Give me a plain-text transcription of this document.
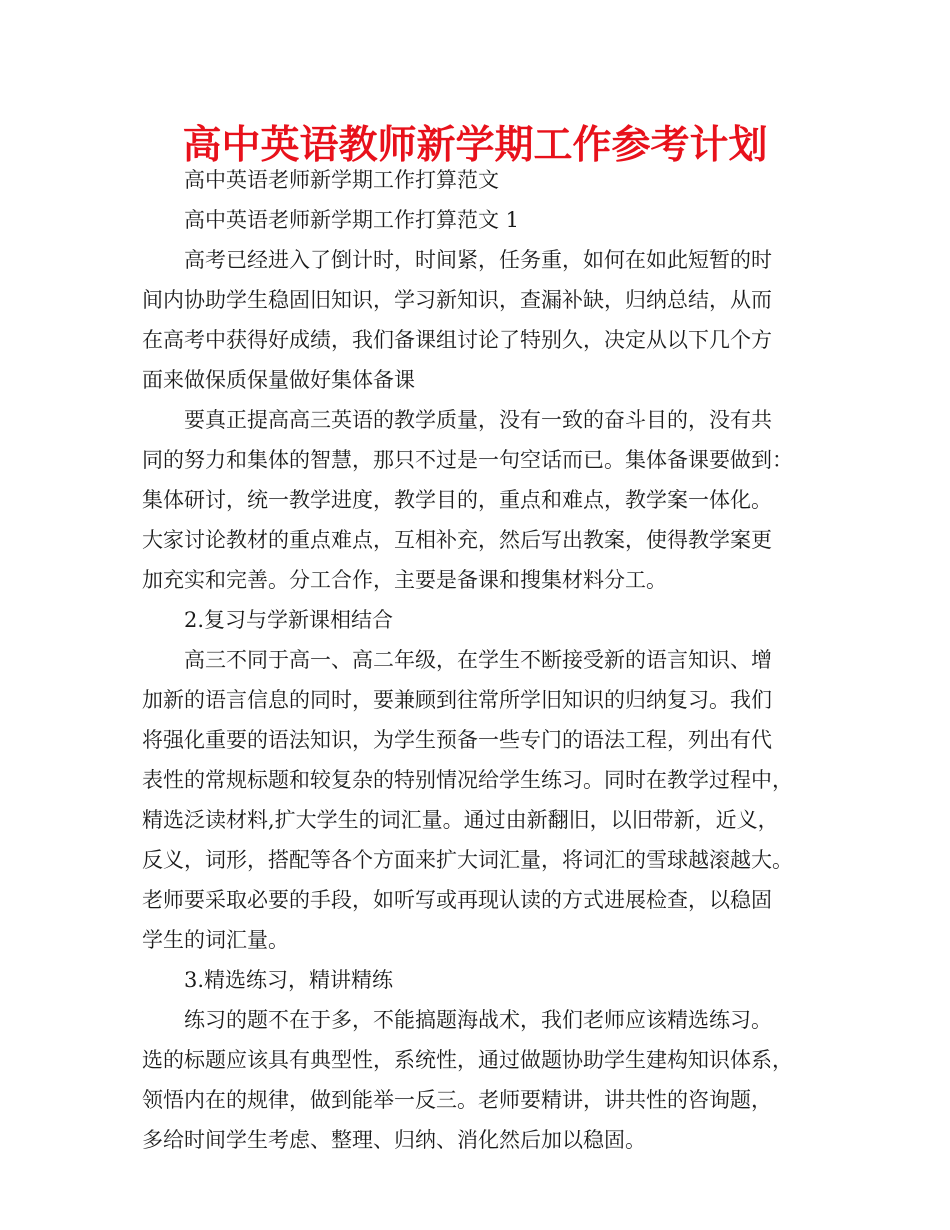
高中英语教师新学期工作参考计划

高中英语老师新学期工作打算范文

高中英语老师新学期工作打算范文 1

高考已经进入了倒计时，时间紧，任务重，如何在如此短暂的时
间内协助学生稳固旧知识，学习新知识，查漏补缺，归纳总结，从而
在高考中获得好成绩，我们备课组讨论了特别久，决定从以下几个方
面来做保质保量做好集体备课

要真正提高高三英语的教学质量，没有一致的奋斗目的，没有共
同的努力和集体的智慧，那只不过是一句空话而已。集体备课要做到：
集体研讨，统一教学进度，教学目的，重点和难点，教学案一体化。
大家讨论教材的重点难点，互相补充，然后写出教案，使得教学案更
加充实和完善。分工合作，主要是备课和搜集材料分工。

2.复习与学新课相结合

高三不同于高一、高二年级，在学生不断接受新的语言知识、增
加新的语言信息的同时，要兼顾到往常所学旧知识的归纳复习。我们
将强化重要的语法知识，为学生预备一些专门的语法工程，列出有代
表性的常规标题和较复杂的特别情况给学生练习。同时在教学过程中，
精选泛读材料,扩大学生的词汇量。通过由新翻旧，以旧带新，近义，
反义，词形，搭配等各个方面来扩大词汇量，将词汇的雪球越滚越大。
老师要采取必要的手段，如听写或再现认读的方式进展检查，以稳固
学生的词汇量。

3.精选练习，精讲精练

练习的题不在于多，不能搞题海战术，我们老师应该精选练习。
选的标题应该具有典型性，系统性，通过做题协助学生建构知识体系，
领悟内在的规律，做到能举一反三。老师要精讲，讲共性的咨询题，
多给时间学生考虑、整理、归纳、消化然后加以稳固。
